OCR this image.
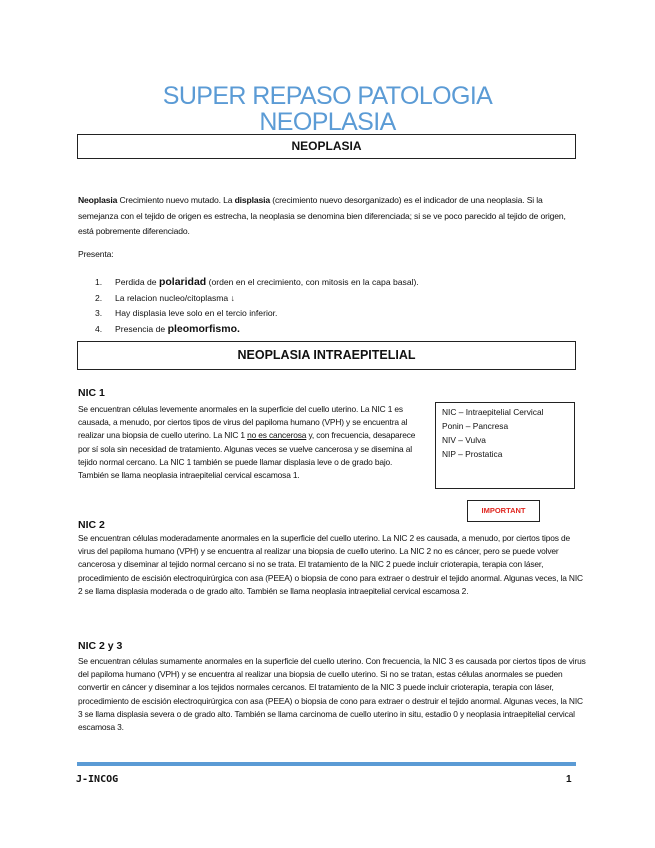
SUPER REPASO PATOLOGIA
NEOPLASIA
NEOPLASIA
Neoplasia Crecimiento nuevo mutado. La displasia (crecimiento nuevo desorganizado) es el indicador de una neoplasia. Si la semejanza con el tejido de origen es estrecha, la neoplasia se denomina bien diferenciada; si se ve poco parecido al tejido de origen, está pobremente diferenciado.
Presenta:
1. Perdida de polaridad (orden en el crecimiento, con mitosis en la capa basal).
2. La relacion nucleo/citoplasma ↓
3. Hay displasia leve solo en el tercio inferior.
4. Presencia de pleomorfismo.
NEOPLASIA INTRAEPITELIAL
NIC 1
Se encuentran células levemente anormales en la superficie del cuello uterino. La NIC 1 es causada, a menudo, por ciertos tipos de virus del papiloma humano (VPH) y se encuentra al realizar una biopsia de cuello uterino. La NIC 1 no es cancerosa y, con frecuencia, desaparece por sí sola sin necesidad de tratamiento. Algunas veces se vuelve cancerosa y se disemina al tejido normal cercano. La NIC 1 también se puede llamar displasia leve o de grado bajo. También se llama neoplasia intraepitelial cervical escamosa 1.
NIC – Intraepitelial Cervical
Ponin – Pancresa
NIV – Vulva
NIP – Prostatica
IMPORTANT
NIC 2
Se encuentran células moderadamente anormales en la superficie del cuello uterino. La NIC 2 es causada, a menudo, por ciertos tipos de virus del papiloma humano (VPH) y se encuentra al realizar una biopsia de cuello uterino. La NIC 2 no es cáncer, pero se puede volver cancerosa y diseminar al tejido normal cercano si no se trata. El tratamiento de la NIC 2 puede incluir crioterapia, terapia con láser, procedimiento de escisión electroquirúrgica con asa (PEEA) o biopsia de cono para extraer o destruir el tejido anormal. Algunas veces, la NIC 2 se llama displasia moderada o de grado alto. También se llama neoplasia intraepitelial cervical escamosa 2.
NIC 2 y 3
Se encuentran células sumamente anormales en la superficie del cuello uterino. Con frecuencia, la NIC 3 es causada por ciertos tipos de virus del papiloma humano (VPH) y se encuentra al realizar una biopsia de cuello uterino. Si no se tratan, estas células anormales se pueden convertir en cáncer y diseminar a los tejidos normales cercanos. El tratamiento de la NIC 3 puede incluir crioterapia, terapia con láser, procedimiento de escisión electroquirúrgica con asa (PEEA) o biopsia de cono para extraer o destruir el tejido anormal. Algunas veces, la NIC 3 se llama displasia severa o de grado alto. También se llama carcinoma de cuello uterino in situ, estadio 0 y neoplasia intraepitelial cervical escamosa 3.
J-INCOG	1
